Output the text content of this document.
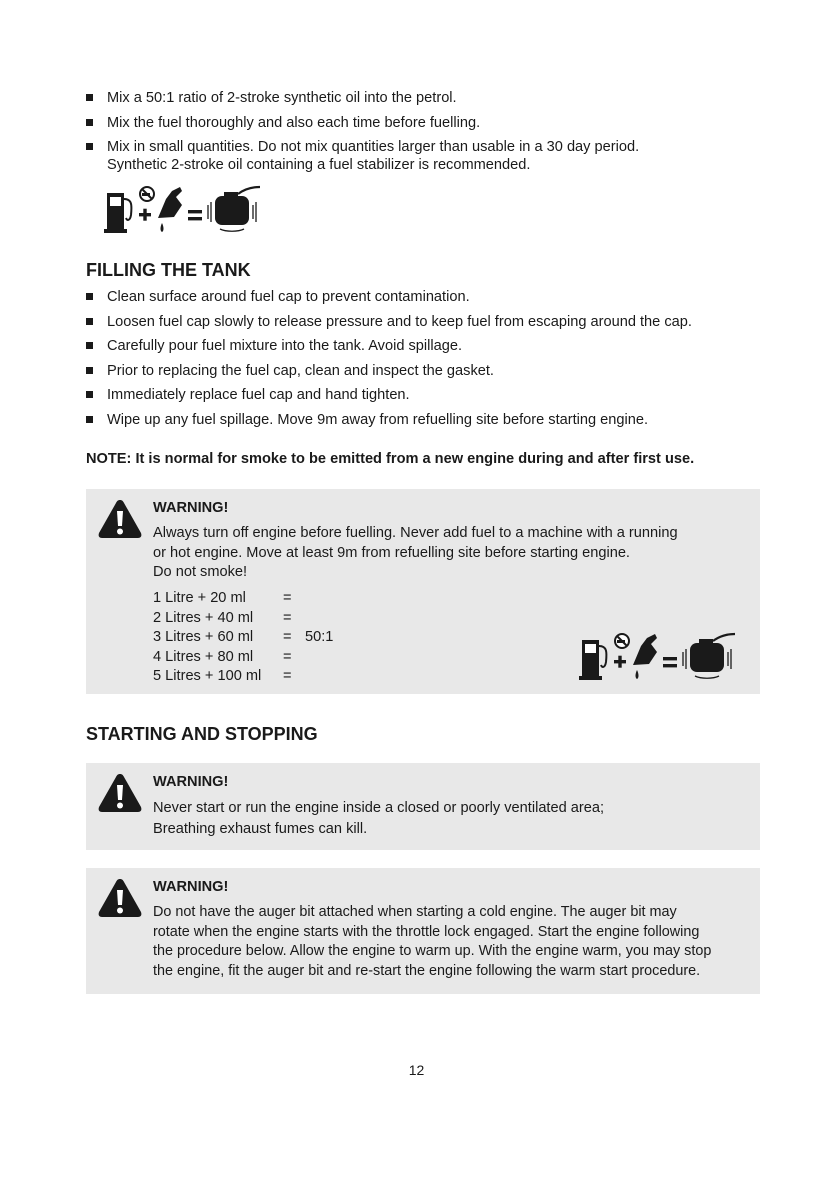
Mix a 50:1 ratio of 2-stroke synthetic oil into the petrol.
Mix the fuel thoroughly and also each time before fuelling.
Mix in small quantities. Do not mix quantities larger than usable in a 30 day period.
Synthetic 2-stroke oil containing a fuel stabilizer is recommended.
FILLING THE TANK
Clean surface around fuel cap to prevent contamination.
Loosen fuel cap slowly to release pressure and to keep fuel from escaping around the cap.
Carefully pour fuel mixture into the tank. Avoid spillage.
Prior to replacing the fuel cap, clean and inspect the gasket.
Immediately replace fuel cap and hand tighten.
Wipe up any fuel spillage. Move 9m away from refuelling site before starting engine.

NOTE: It is normal for smoke to be emitted from a new engine during and after first use.

WARNING!

Always turn off engine before fuelling. Never add fuel to a machine with a running
or hot engine. Move at least 9m from refuelling site before starting engine.
Do not smoke!

1 Litre + 20 ml	=	
2 Litres + 40 ml	=	
3 Litres + 60 ml	=	50:1
4 Litres + 80 ml	=	
5 Litres + 100 ml	=	
STARTING AND STOPPING

WARNING!

Never start or run the engine inside a closed or poorly ventilated area;
Breathing exhaust fumes can kill.

WARNING!

Do not have the auger bit attached when starting a cold engine. The auger bit may
rotate when the engine starts with the throttle lock engaged. Start the engine following
the procedure below. Allow the engine to warm up. With the engine warm, you may stop
the engine, fit the auger bit and re-start the engine following the warm start procedure.

12
